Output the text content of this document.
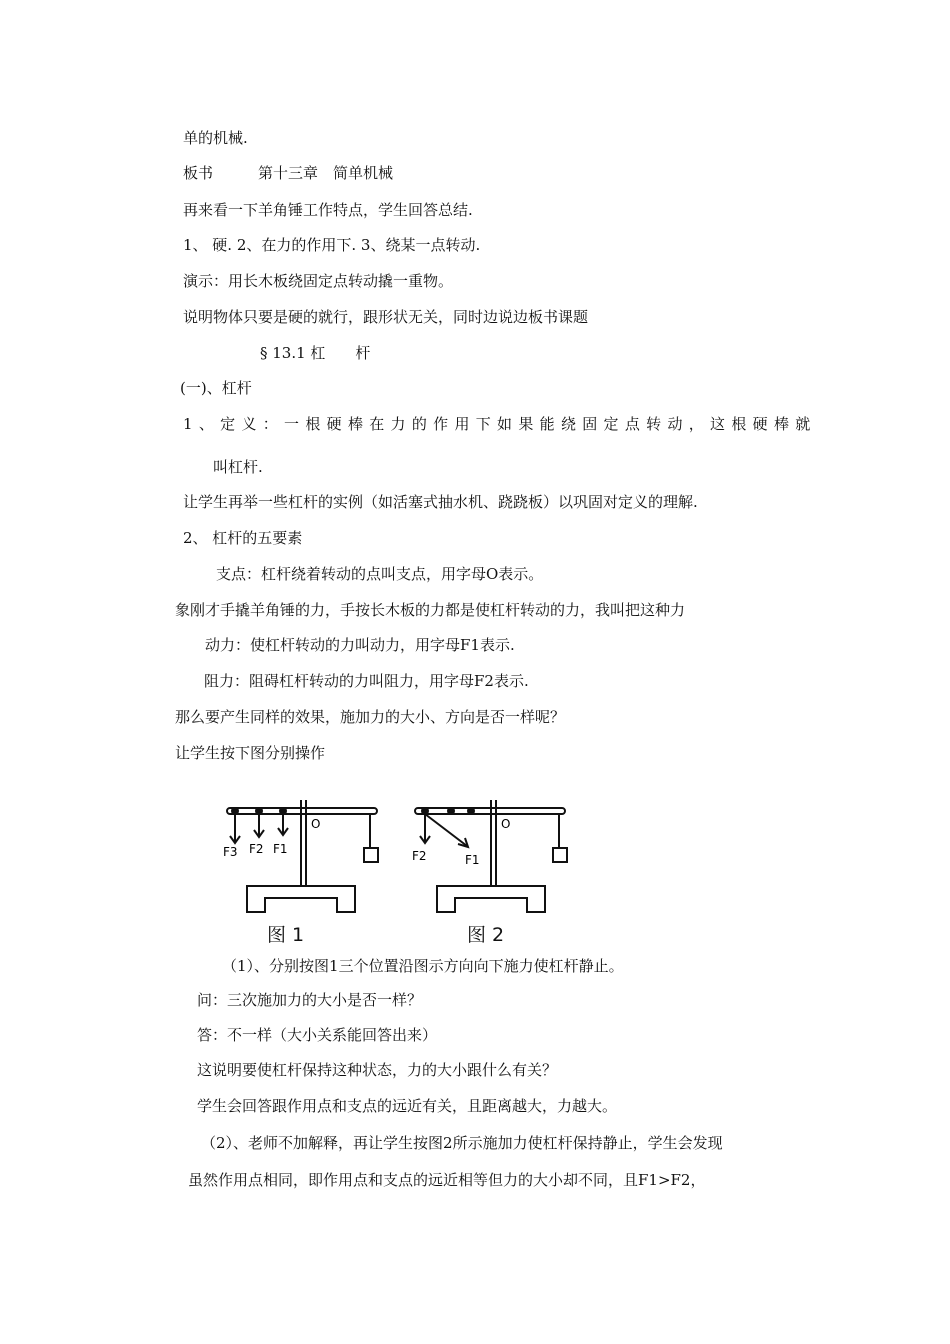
单的机械.
板书　　　第十三章　简单机械
再来看一下羊角锤工作特点，学生回答总结.
1、 硬. 2、在力的作用下. 3、绕某一点转动.
演示：用长木板绕固定点转动撬一重物。
说明物体只要是硬的就行，跟形状无关，同时边说边板书课题
§ 13.1 杠　　杆
(一)、杠杆
1、定义：一根硬棒在力的作用下如果能绕固定点转动，这根硬棒就
叫杠杆.
让学生再举一些杠杆的实例（如活塞式抽水机、跷跷板）以巩固对定义的理解.
2、 杠杆的五要素
支点：杠杆绕着转动的点叫支点，用字母O表示。
象刚才手撬羊角锤的力，手按长木板的力都是使杠杆转动的力，我叫把这种力
动力：使杠杆转动的力叫动力，用字母F1表示.
阻力：阻碍杠杆转动的力叫阻力，用字母F2表示.
那么要产生同样的效果，施加力的大小、方向是否一样呢？
让学生按下图分别操作
F3 F2 F1
O
F2	F1
O
图 1	图 2
（1）、分别按图1三个位置沿图示方向向下施力使杠杆静止。
问：三次施加力的大小是否一样？
答：不一样（大小关系能回答出来）
这说明要使杠杆保持这种状态，力的大小跟什么有关？
学生会回答跟作用点和支点的远近有关，且距离越大，力越大。
（2）、老师不加解释，再让学生按图2所示施加力使杠杆保持静止，学生会发现
虽然作用点相同，即作用点和支点的远近相等但力的大小却不同，且F1>F2，
